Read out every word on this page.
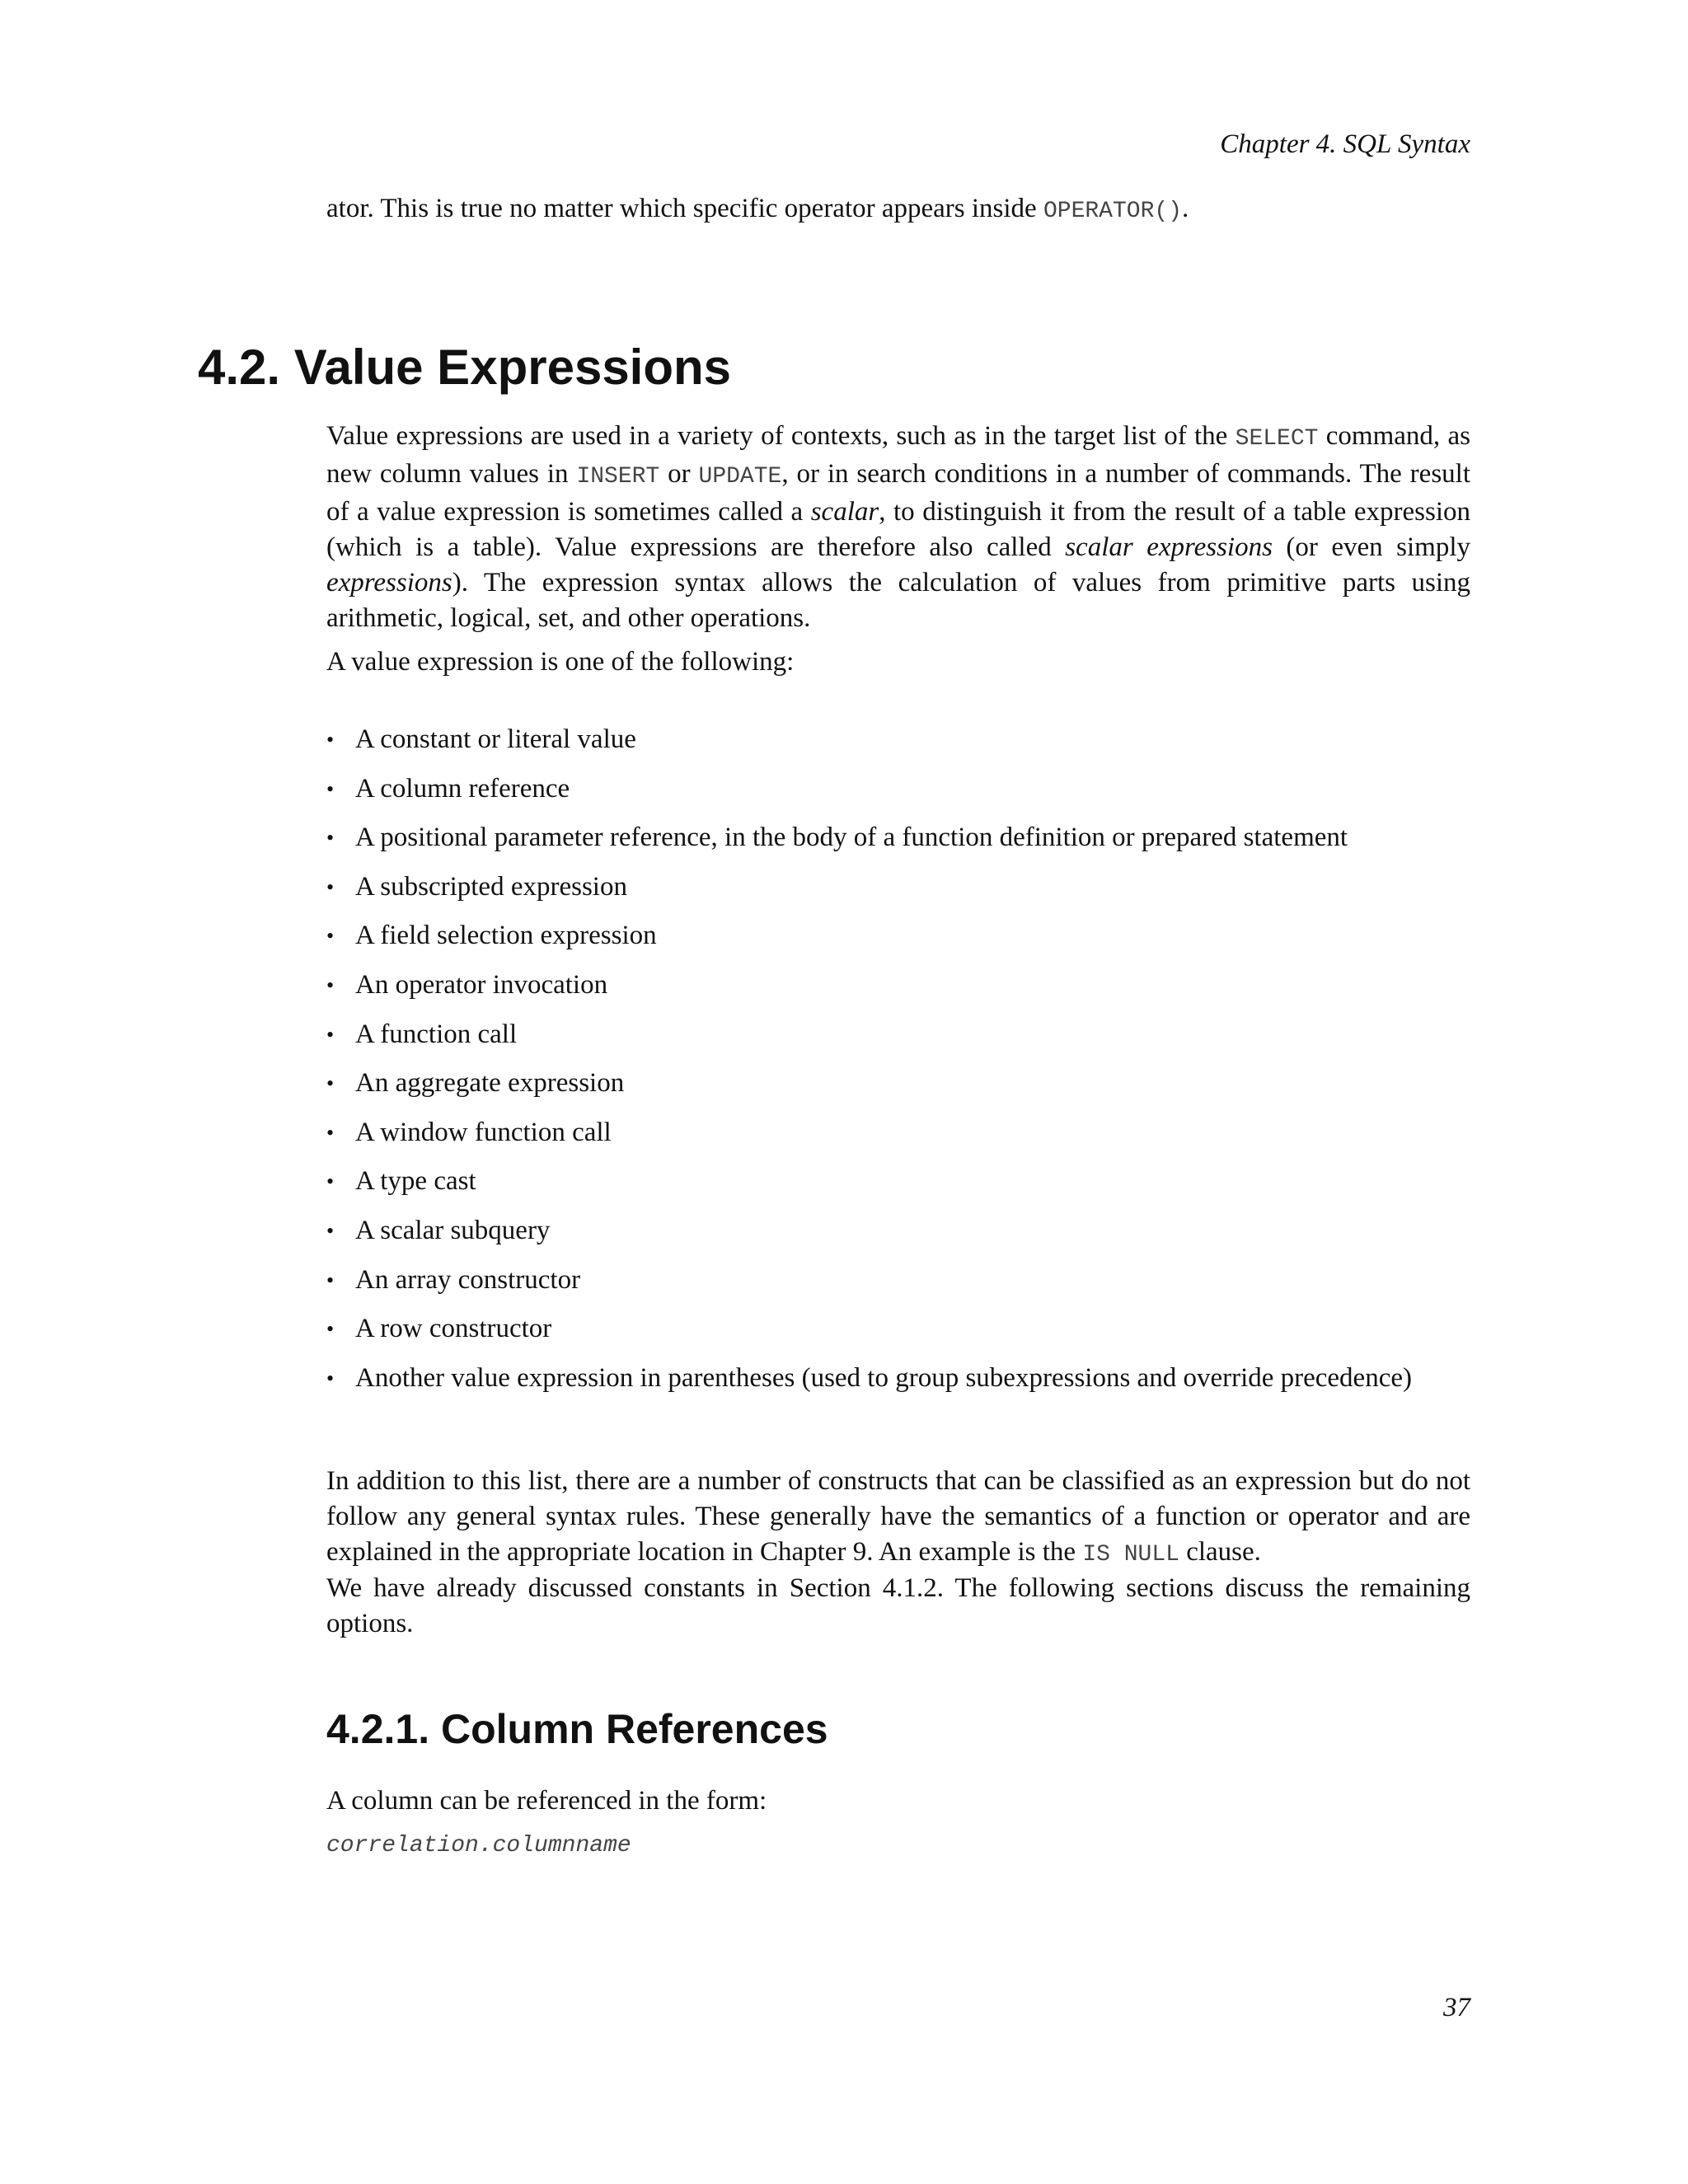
Chapter 4. SQL Syntax

ator. This is true no matter which specific operator appears inside OPERATOR().

4.2. Value Expressions

Value expressions are used in a variety of contexts, such as in the target list of the SELECT command, as new column values in INSERT or UPDATE, or in search conditions in a number of commands. The result of a value expression is sometimes called a scalar, to distinguish it from the result of a table expression (which is a table). Value expressions are therefore also called scalar expressions (or even simply expressions). The expression syntax allows the calculation of values from primitive parts using arithmetic, logical, set, and other operations.

A value expression is one of the following:

• A constant or literal value
• A column reference
• A positional parameter reference, in the body of a function definition or prepared statement
• A subscripted expression
• A field selection expression
• An operator invocation
• A function call
• An aggregate expression
• A window function call
• A type cast
• A scalar subquery
• An array constructor
• A row constructor
• Another value expression in parentheses (used to group subexpressions and override precedence)

In addition to this list, there are a number of constructs that can be classified as an expression but do not follow any general syntax rules. These generally have the semantics of a function or operator and are explained in the appropriate location in Chapter 9. An example is the IS NULL clause.

We have already discussed constants in Section 4.1.2. The following sections discuss the remaining options.

4.2.1. Column References

A column can be referenced in the form:

correlation.columnname
37
